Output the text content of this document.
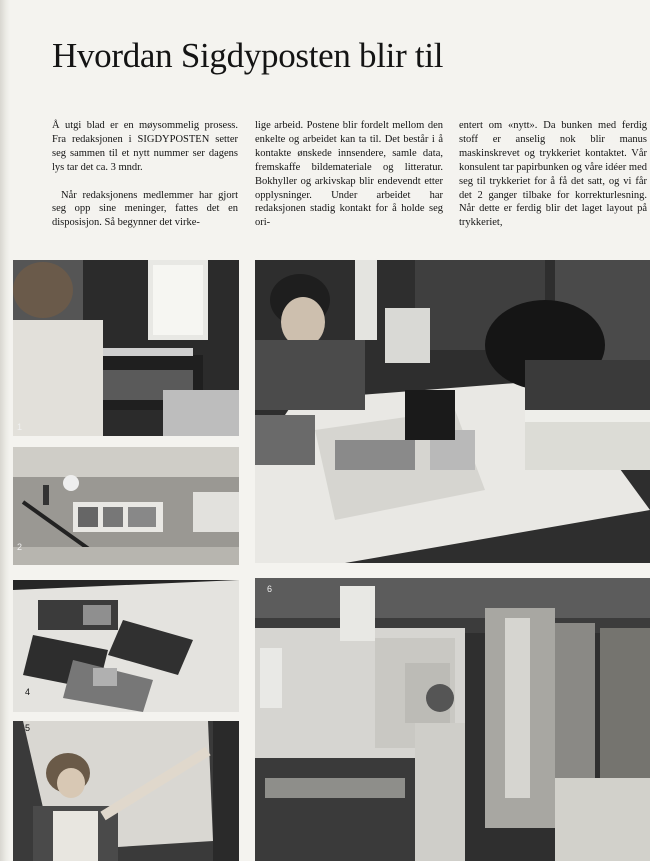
Hvordan Sigdyposten blir til

Å utgi blad er en møysommelig prosess. Fra redaksjonen i SIGDYPOSTEN setter seg sammen til et nytt nummer ser dagens lys tar det ca. 3 mndr.

Når redaksjonens medlemmer har gjort seg opp sine meninger, fattes det en disposisjon. Så begynner det virke-

lige arbeid. Postene blir fordelt mellom den enkelte og arbeidet kan ta til. Det består i å kontakte ønskede innsendere, samle data, fremskaffe bildemateriale og litteratur. Bokhyller og arkivskap blir endevendt etter opplysninger. Under arbeidet har redaksjonen stadig kontakt for å holde seg ori-

entert om «nytt». Da bunken med ferdig stoff er anselig nok blir manus maskinskrevet og trykkeriet kontaktet. Vår konsulent tar papirbunken og våre idéer med seg til trykkeriet for å få det satt, og vi får det 2 ganger tilbake for korrekturlesning. Når dette er ferdig blir det laget layout på trykkeriet,

1
2
4
5
6
